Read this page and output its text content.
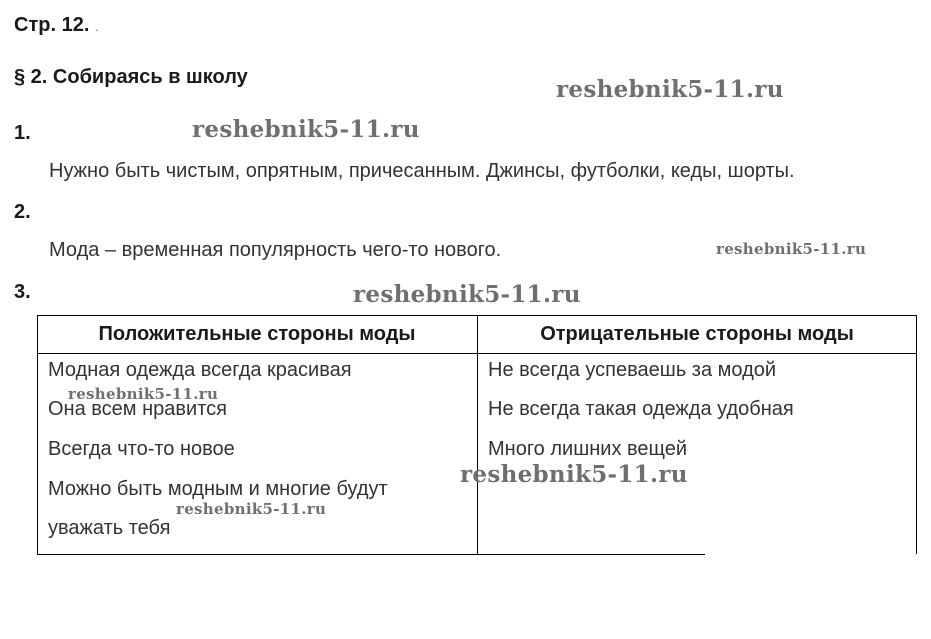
Стр. 12. .
§ 2. Собираясь в школу
1.
Нужно быть чистым, опрятным, причесанным. Джинсы, футболки, кеды, шорты.
2.
Мода – временная популярность чего-то нового.
3.
Положительные стороны моды	Отрицательные стороны моды
Модная одежда всегда красивая
Она всем нравится
Всегда что-то новое
Можно быть модным и многие будут
уважать тебя
Не всегда успеваешь за модой
Не всегда такая одежда удобная
Много лишних вещей
reshebnik5-11.ru
reshebnik5-11.ru
reshebnik5-11.ru
reshebnik5-11.ru
reshebnik5-11.ru
reshebnik5-11.ru
reshebnik5-11.ru
